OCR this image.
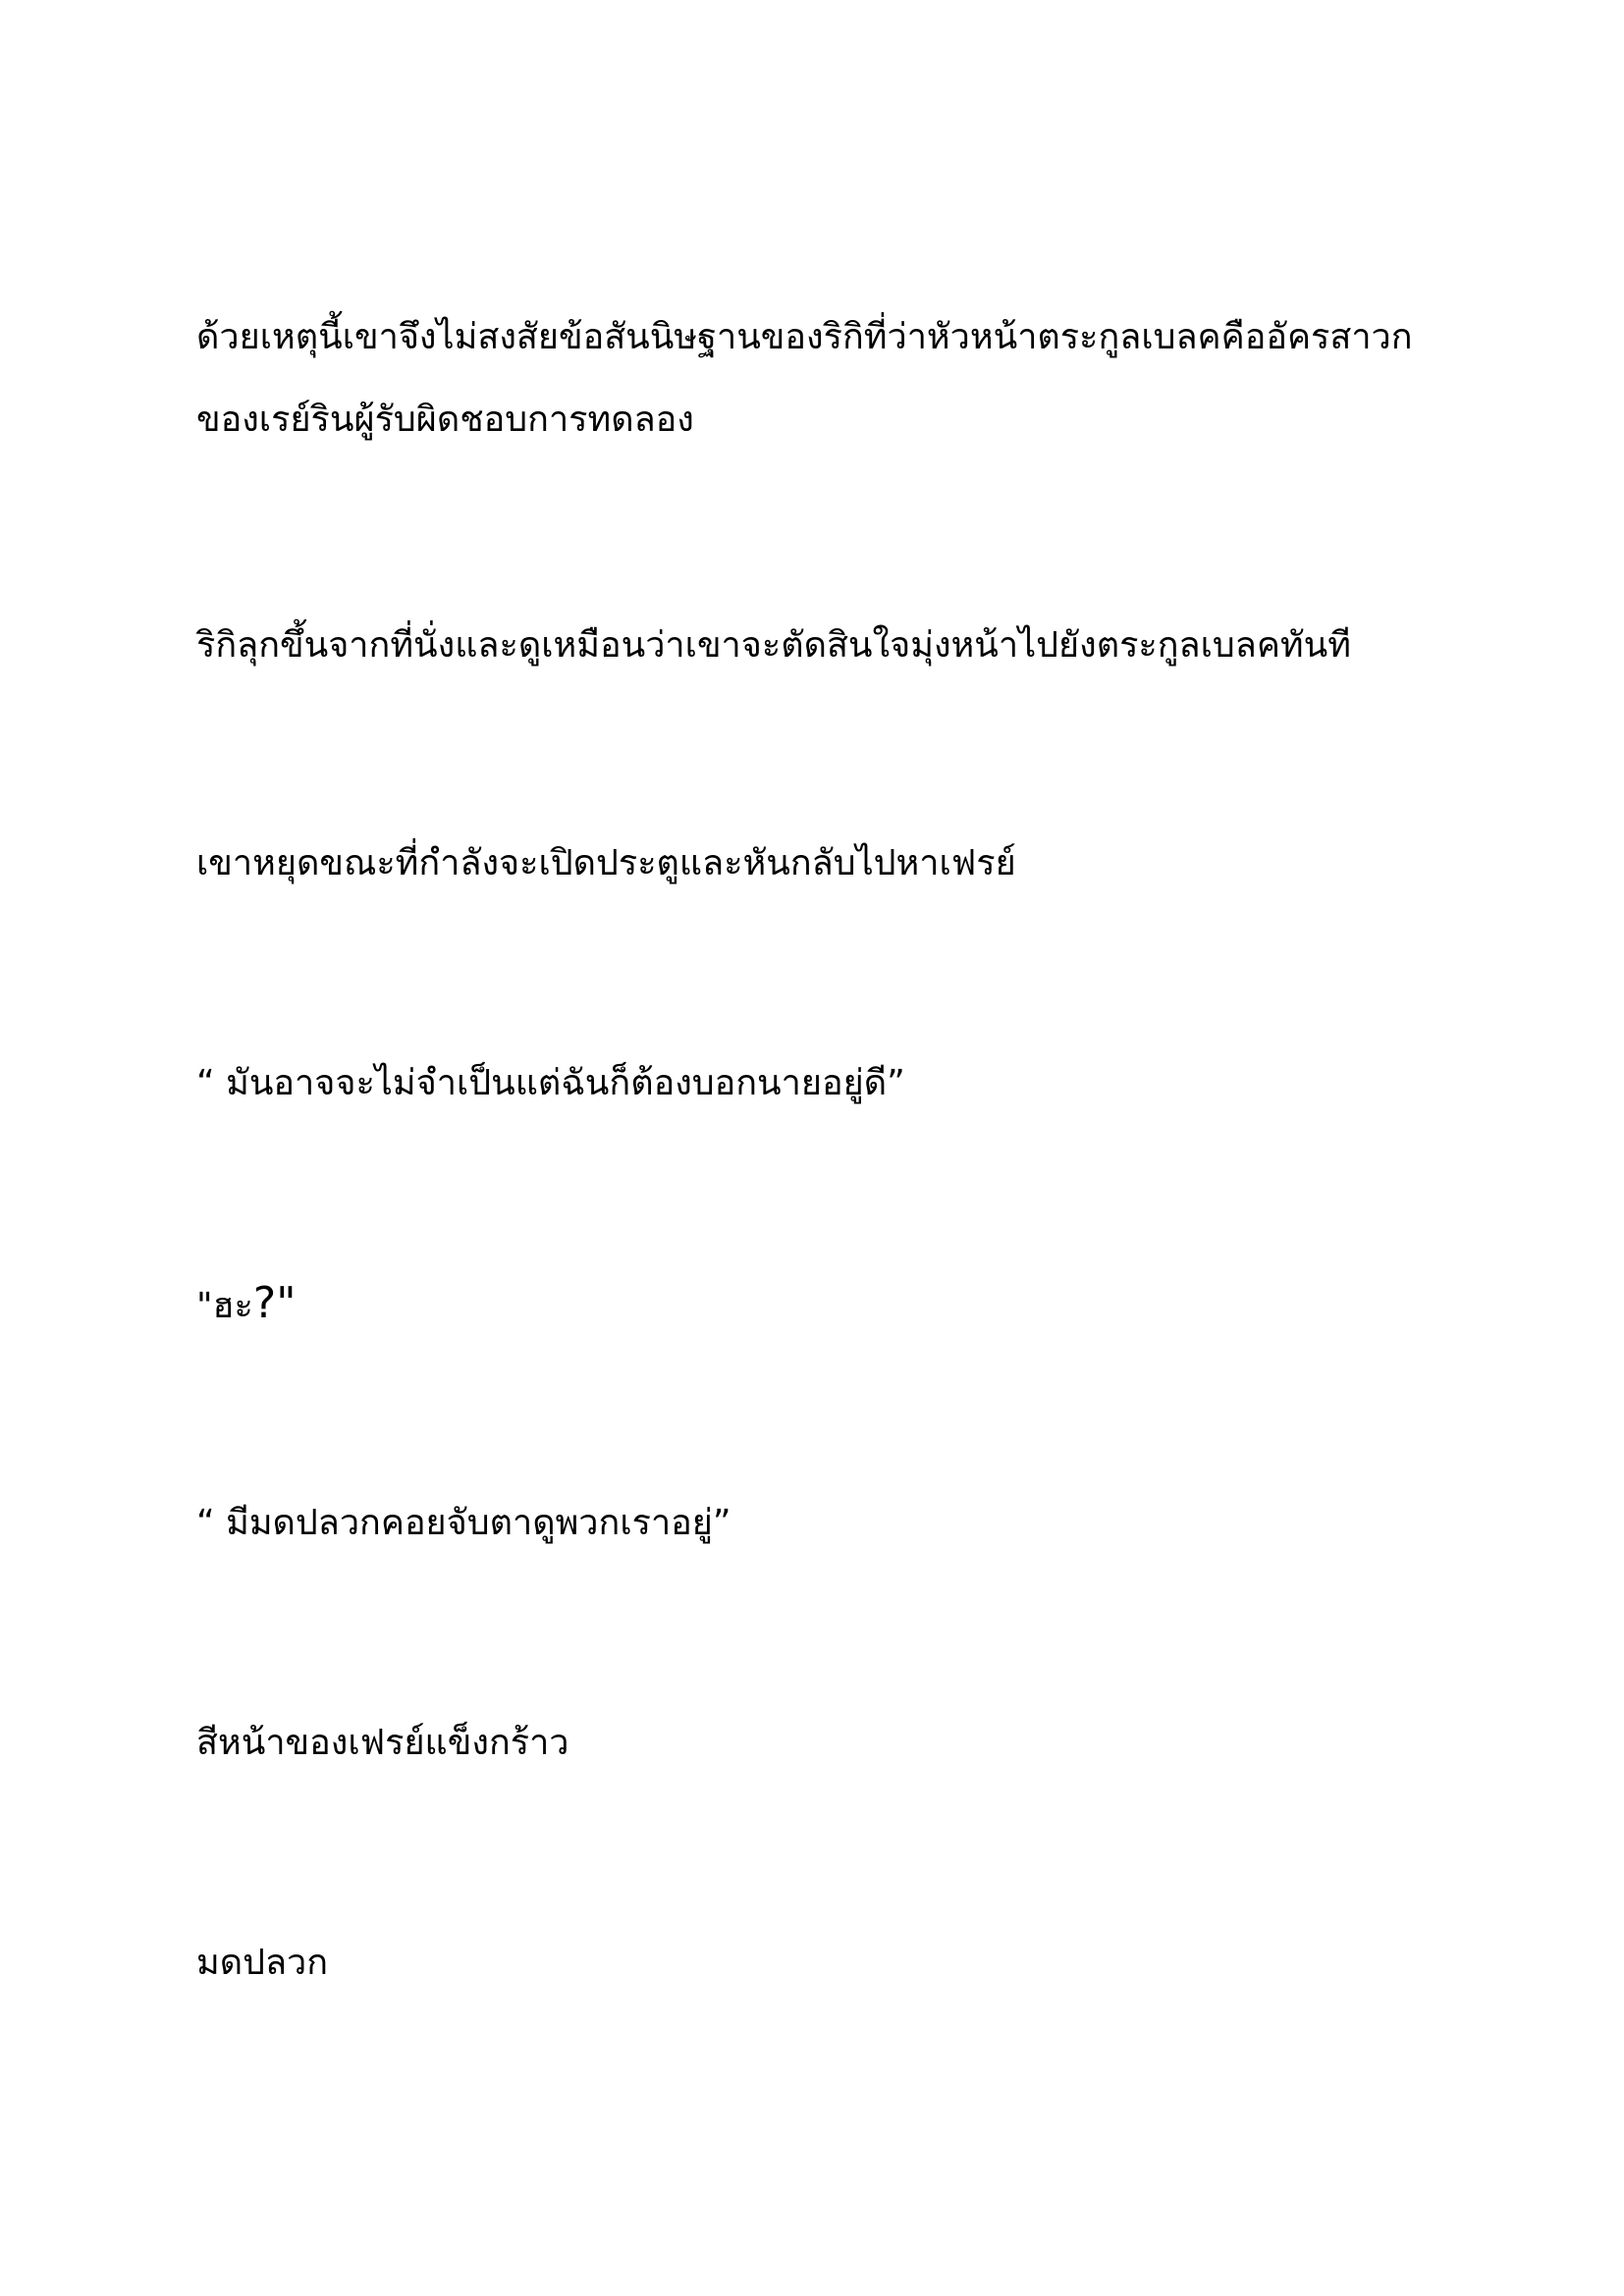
ด้วยเหตุนี้เขาจึงไม่สงสัยข้อสันนิษฐานของริกิที่ว่าหัวหน้าตระกูลเบลคคืออัครสาวก
ของเรย์รินผู้รับผิดชอบการทดลอง

ริกิลุกขึ้นจากที่นั่งและดูเหมือนว่าเขาจะตัดสินใจมุ่งหน้าไปยังตระกูลเบลคทันที

เขาหยุดขณะที่กำลังจะเปิดประตูและหันกลับไปหาเฟรย์

“ มันอาจจะไม่จำเป็นแต่ฉันก็ต้องบอกนายอยู่ดี”

"ฮะ?"

“ มีมดปลวกคอยจับตาดูพวกเราอยู่”

สีหน้าของเฟรย์แข็งกร้าว

มดปลวก
